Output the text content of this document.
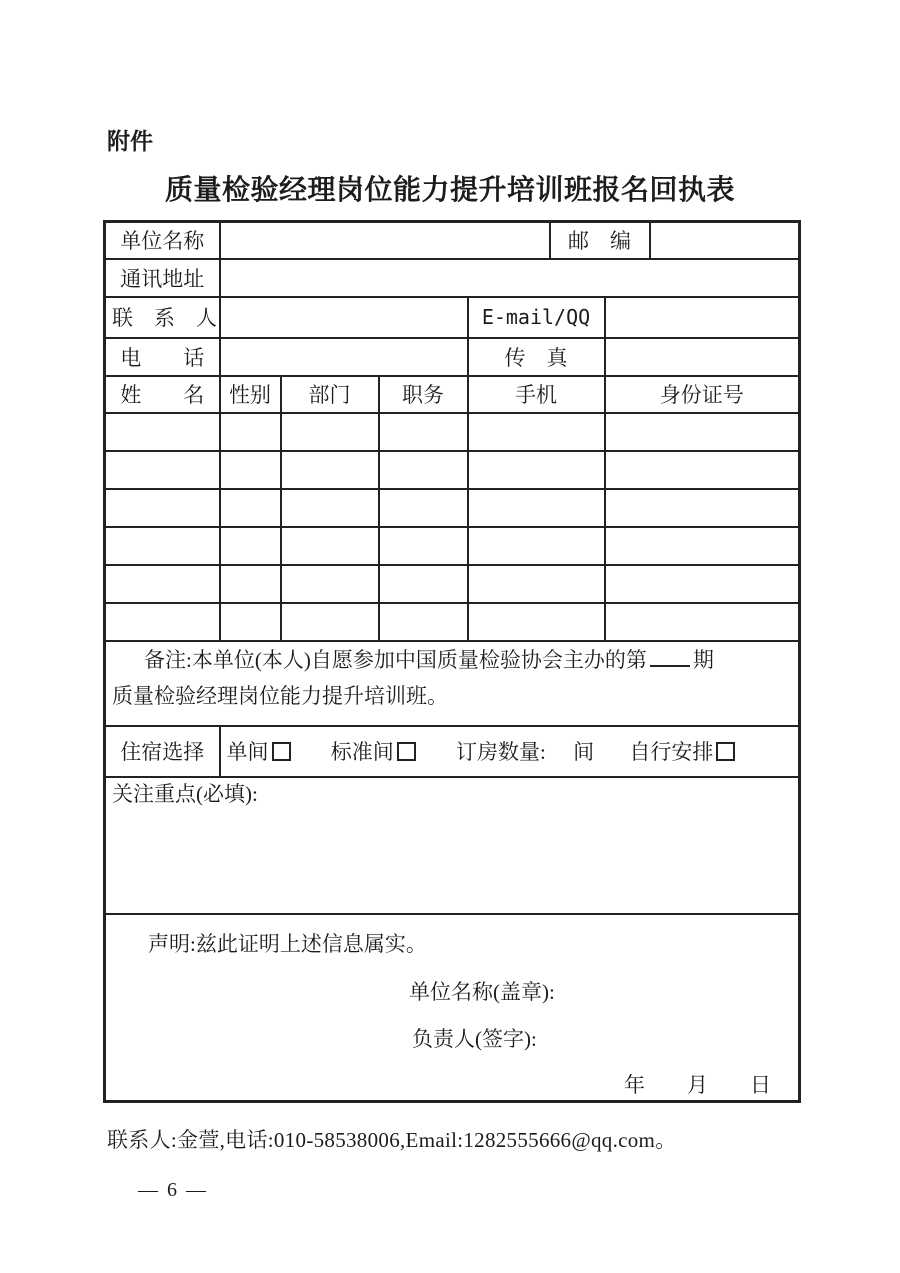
附件
质量检验经理岗位能力提升培训班报名回执表
单位名称					邮　编		
通讯地址							
联　系　人				E-mail/QQ			
电　　话				传　真			
姓　　名	性别	部门	职务	手机		身份证号	

备注:本单位(本人)自愿参加中国质量检验协会主办的第 期
质量检验经理岗位能力提升培训班。							

住宿选择	单间 标准间 订房数量: 间 自行安排						
关注重点(必填):							

声明:兹此证明上述信息属实。
单位名称(盖章):
负责人(签字):
年　　月　　日							
联系人:金萱,电话:010-58538006,Email:1282555666@qq.com。
— 6 —
